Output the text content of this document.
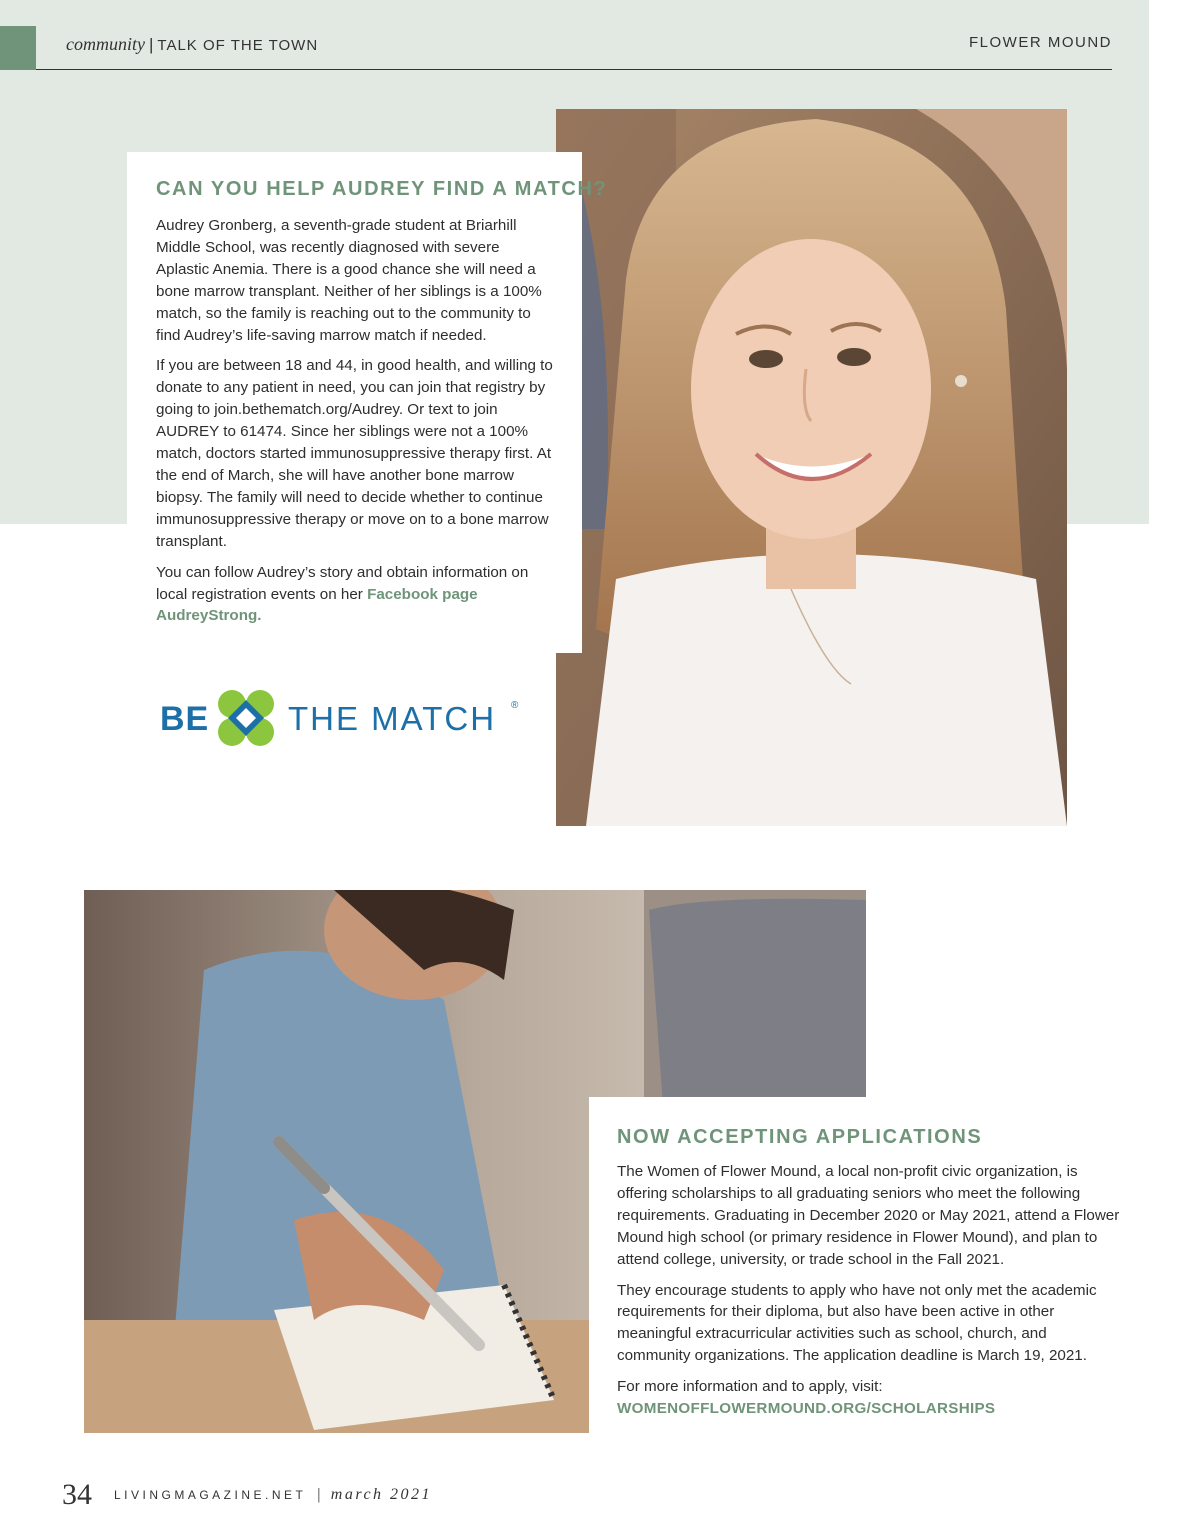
community | TALK OF THE TOWN	FLOWER MOUND
CAN YOU HELP AUDREY FIND A MATCH?

Audrey Gronberg, a seventh-grade student at Briarhill Middle School, was recently diagnosed with severe Aplastic Anemia. There is a good chance she will need a bone marrow transplant. Neither of her siblings is a 100% match, so the family is reaching out to the community to find Audrey’s life-saving marrow match if needed.

If you are between 18 and 44, in good health, and willing to donate to any patient in need, you can join that registry by going to join.bethematch.org/Audrey. Or text to join AUDREY to 61474. Since her siblings were not a 100% match, doctors started immunosuppressive therapy first. At the end of March, she will have another bone marrow biopsy. The family will need to decide whether to continue immunosuppressive therapy or move on to a bone marrow transplant.

You can follow Audrey’s story and obtain information on local registration events on her Facebook page AudreyStrong.

BE THE MATCH ®
NOW ACCEPTING APPLICATIONS

The Women of Flower Mound, a local non-profit civic organization, is offering scholarships to all graduating seniors who meet the following requirements. Graduating in December 2020 or May 2021, attend a Flower Mound high school (or primary residence in Flower Mound), and plan to attend college, university, or trade school in the Fall 2021.

They encourage students to apply who have not only met the academic requirements for their diploma, but also have been active in other meaningful extracurricular activities such as school, church, and community organizations. The application deadline is March 19, 2021.

For more information and to apply, visit:
WOMENOFFLOWERMOUND.ORG/SCHOLARSHIPS

34 LIVINGMAGAZINE.NET | march 2021
